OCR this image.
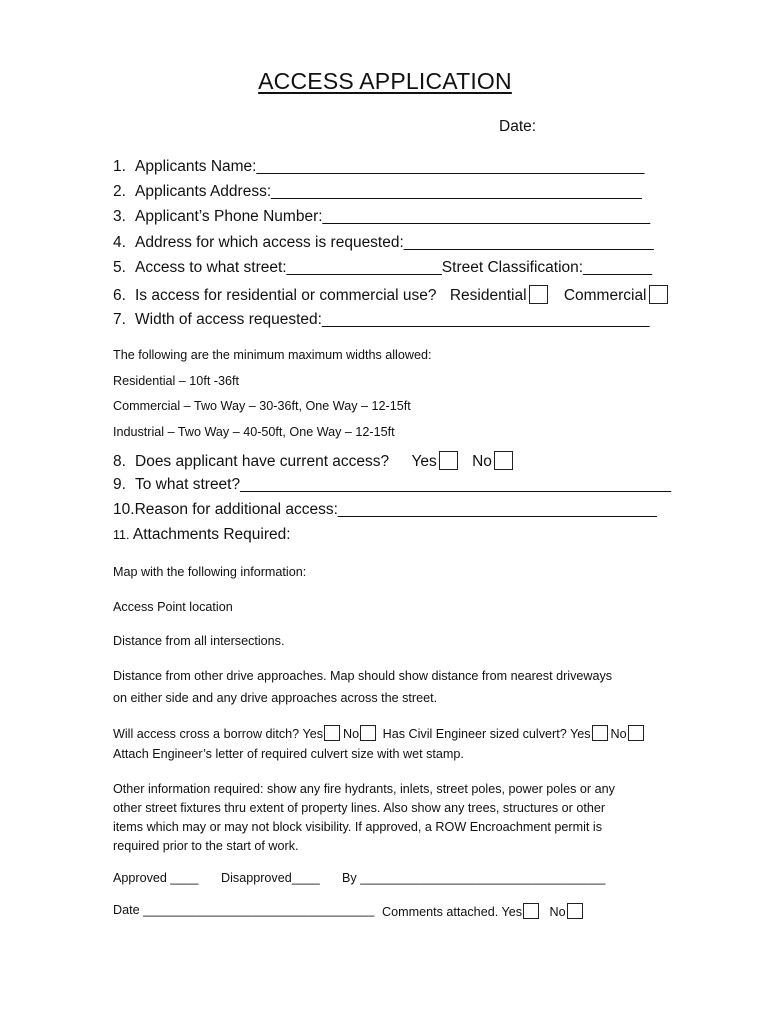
ACCESS APPLICATION
Date:
1. Applicants Name:_____________________________________________
2. Applicants Address:___________________________________________
3. Applicant’s Phone Number:______________________________________
4. Address for which access is requested:_____________________________
5. Access to what street:__________________Street Classification:________
6. Is access for residential or commercial use? Residential Commercial
7. Width of access requested:______________________________________
The following are the minimum maximum widths allowed:
Residential – 10ft -36ft
Commercial – Two Way – 30-36ft, One Way – 12-15ft
Industrial – Two Way – 40-50ft, One Way – 12-15ft
8. Does applicant have current access? Yes No
9. To what street?__________________________________________________
10.Reason for additional access:_____________________________________
11. Attachments Required:
Map with the following information:
Access Point location
Distance from all intersections.
Distance from other drive approaches. Map should show distance from nearest driveways
on either side and any drive approaches across the street.
Will access cross a borrow ditch? Yes No Has Civil Engineer sized culvert? Yes No
Attach Engineer’s letter of required culvert size with wet stamp.
Other information required: show any fire hydrants, inlets, street poles, power poles or any
other street fixtures thru extent of property lines. Also show any trees, structures or other
items which may or may not block visibility. If approved, a ROW Encroachment permit is
required prior to the start of work.
Approved ____ Disapproved____ By ___________________________________
Date _________________________________ Comments attached. Yes No
